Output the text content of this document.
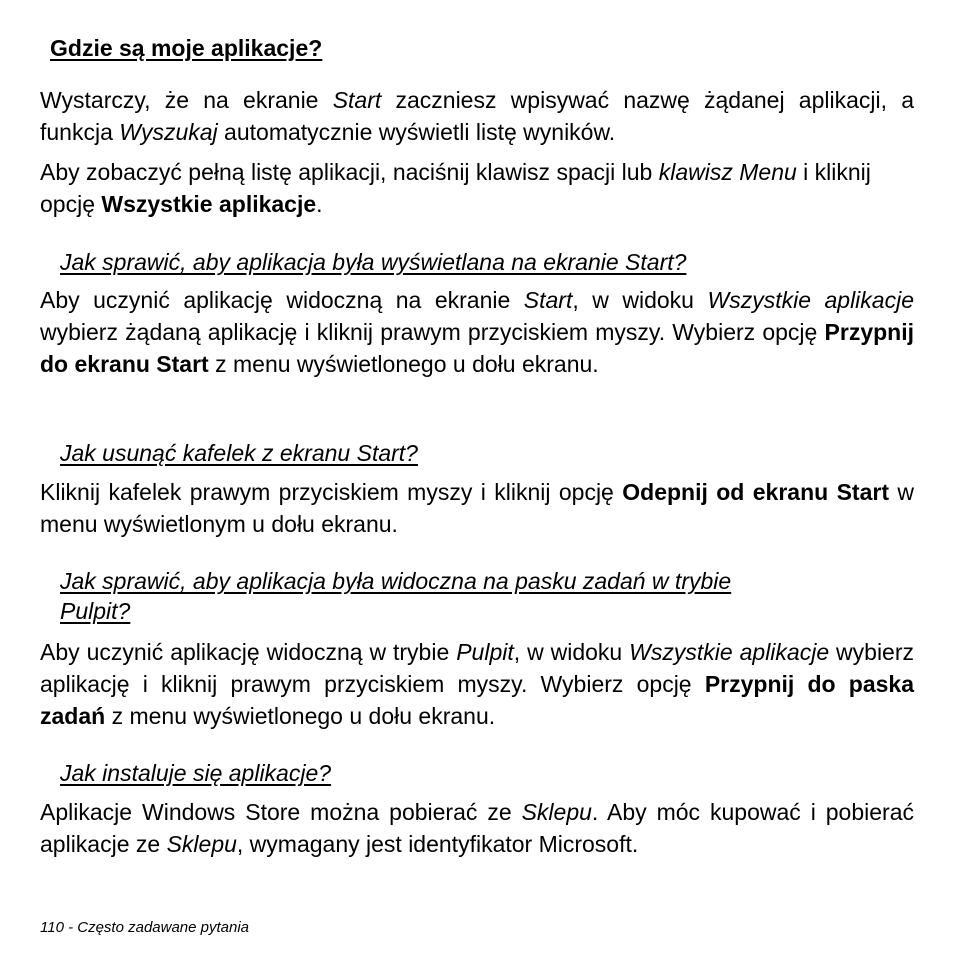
Gdzie są moje aplikacje?

Wystarczy, że na ekranie Start zaczniesz wpisywać nazwę żądanej aplikacji, a funkcja Wyszukaj automatycznie wyświetli listę wyników.

Aby zobaczyć pełną listę aplikacji, naciśnij klawisz spacji lub klawisz Menu i kliknij opcję Wszystkie aplikacje.

Jak sprawić, aby aplikacja była wyświetlana na ekranie Start?

Aby uczynić aplikację widoczną na ekranie Start, w widoku Wszystkie aplikacje wybierz żądaną aplikację i kliknij prawym przyciskiem myszy. Wybierz opcję Przypnij do ekranu Start z menu wyświetlonego u dołu ekranu.

Jak usunąć kafelek z ekranu Start?

Kliknij kafelek prawym przyciskiem myszy i kliknij opcję Odepnij od ekranu Start w menu wyświetlonym u dołu ekranu.

Jak sprawić, aby aplikacja była widoczna na pasku zadań w trybie
Pulpit?

Aby uczynić aplikację widoczną w trybie Pulpit, w widoku Wszystkie aplikacje wybierz aplikację i kliknij prawym przyciskiem myszy. Wybierz opcję Przypnij do paska zadań z menu wyświetlonego u dołu ekranu.

Jak instaluje się aplikacje?

Aplikacje Windows Store można pobierać ze Sklepu. Aby móc kupować i pobierać aplikacje ze Sklepu, wymagany jest identyfikator Microsoft.

110 - Często zadawane pytania
